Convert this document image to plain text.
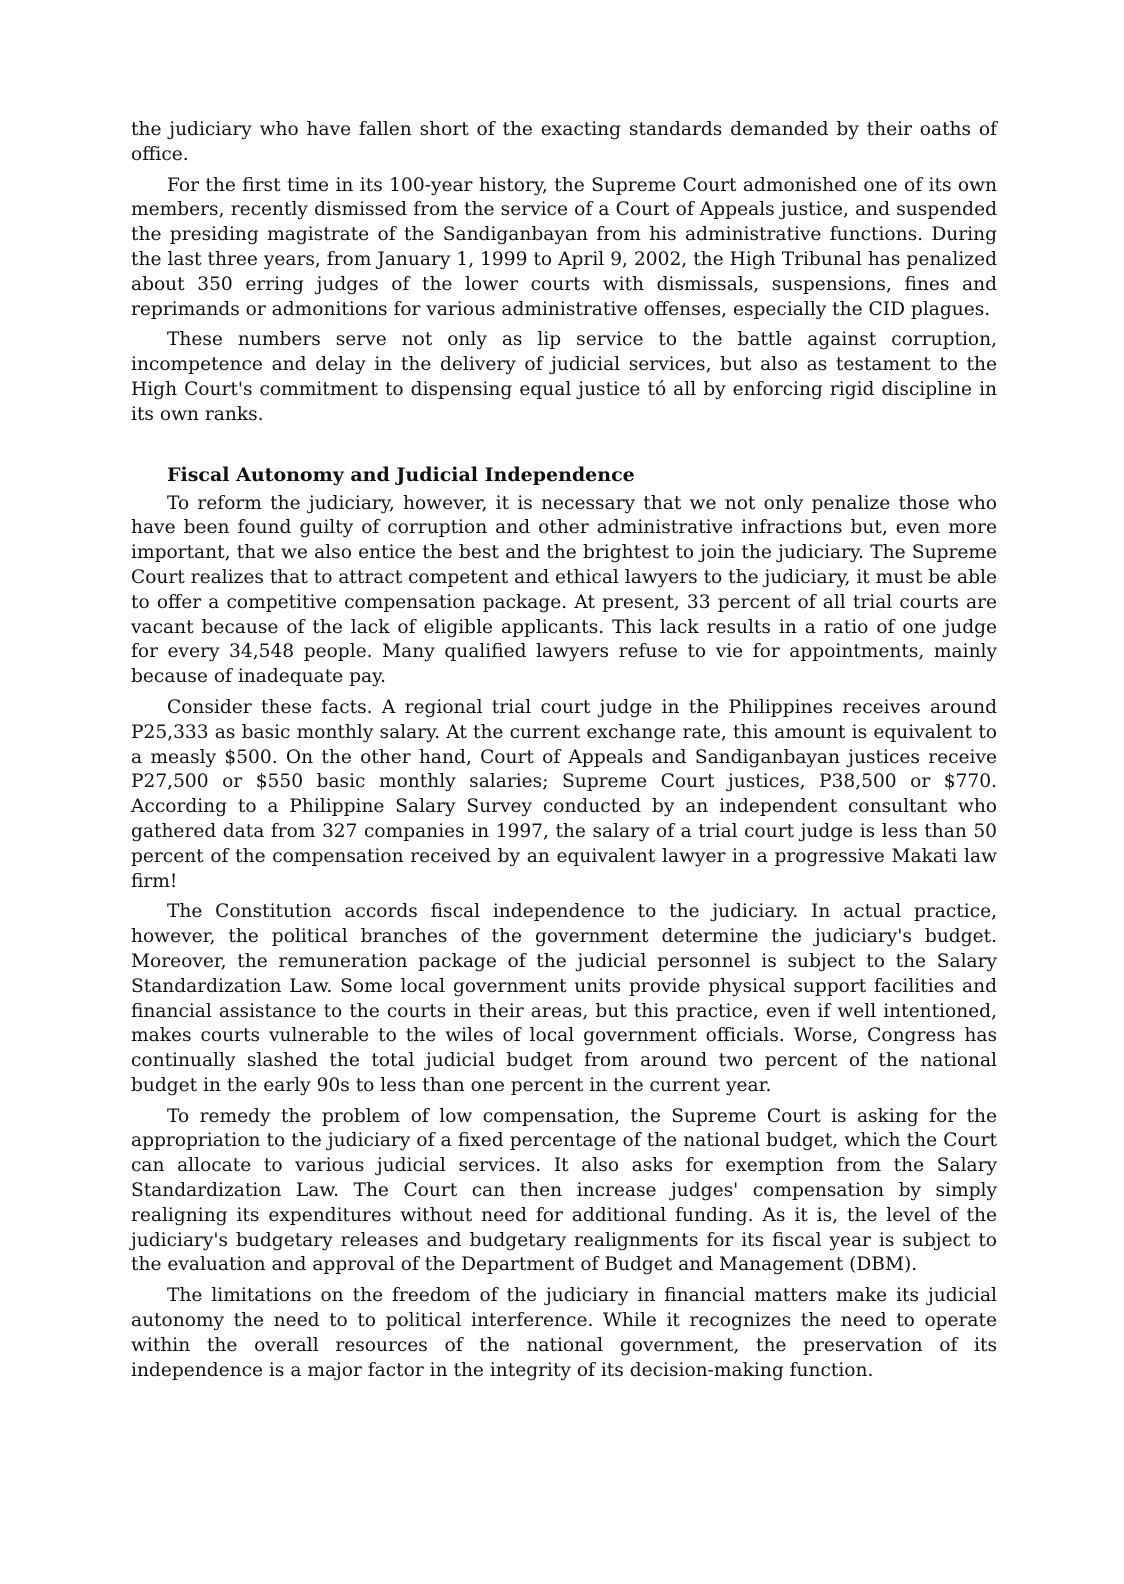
the judiciary who have fallen short of the exacting standards demanded by their oaths of office.

For the first time in its 100-year history, the Supreme Court admonished one of its own members, recently dismissed from the service of a Court of Appeals justice, and suspended the presiding magistrate of the Sandiganbayan from his administrative functions. During the last three years, from January 1, 1999 to April 9, 2002, the High Tribunal has penalized about 350 erring judges of the lower courts with dismissals, suspensions, fines and reprimands or admonitions for various administrative offenses, especially the CID plagues.

These numbers serve not only as lip service to the battle against corruption, incompetence and delay in the delivery of judicial services, but also as testament to the High Court's commitment to dispensing equal justice tó all by enforcing rigid discipline in its own ranks.

Fiscal Autonomy and Judicial Independence

To reform the judiciary, however, it is necessary that we not only penalize those who have been found guilty of corruption and other administrative infractions but, even more important, that we also entice the best and the brightest to join the judiciary. The Supreme Court realizes that to attract competent and ethical lawyers to the judiciary, it must be able to offer a competitive compensation package. At present, 33 percent of all trial courts are vacant because of the lack of eligible applicants. This lack results in a ratio of one judge for every 34,548 people. Many qualified lawyers refuse to vie for appointments, mainly because of inadequate pay.

Consider these facts. A regional trial court judge in the Philippines receives around P25,333 as basic monthly salary. At the current exchange rate, this amount is equivalent to a measly $500. On the other hand, Court of Appeals and Sandiganbayan justices receive P27,500 or $550 basic monthly salaries; Supreme Court justices, P38,500 or $770. According to a Philippine Salary Survey conducted by an independent consultant who gathered data from 327 companies in 1997, the salary of a trial court judge is less than 50 percent of the compensation received by an equivalent lawyer in a progressive Makati law firm!

The Constitution accords fiscal independence to the judiciary. In actual practice, however, the political branches of the government determine the judiciary's budget. Moreover, the remuneration package of the judicial personnel is subject to the Salary Standardization Law. Some local government units provide physical support facilities and financial assistance to the courts in their areas, but this practice, even if well intentioned, makes courts vulnerable to the wiles of local government officials. Worse, Congress has continually slashed the total judicial budget from around two percent of the national budget in the early 90s to less than one percent in the current year.

To remedy the problem of low compensation, the Supreme Court is asking for the appropriation to the judiciary of a fixed percentage of the national budget, which the Court can allocate to various judicial services. It also asks for exemption from the Salary Standardization Law. The Court can then increase judges' compensation by simply realigning its expenditures without need for additional funding. As it is, the level of the judiciary's budgetary releases and budgetary realignments for its fiscal year is subject to the evaluation and approval of the Department of Budget and Management (DBM).

The limitations on the freedom of the judiciary in financial matters make its judicial autonomy the need to to political interference. While it recognizes the need to operate within the overall resources of the national government, the preservation of its independence is a major factor in the integrity of its decision-making function.
